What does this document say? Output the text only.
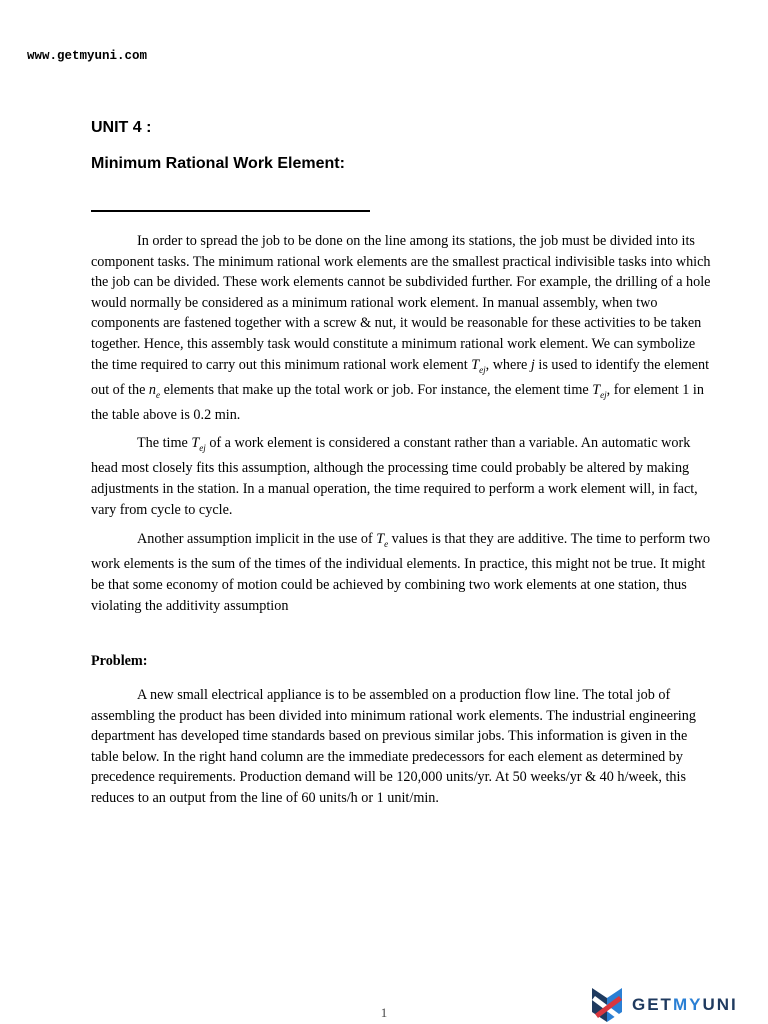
www.getmyuni.com
UNIT 4 :
Minimum Rational Work Element:

In order to spread the job to be done on the line among its stations, the job must be divided into its component tasks. The minimum rational work elements are the smallest practical indivisible tasks into which the job can be divided. These work elements cannot be subdivided further. For example, the drilling of a hole would normally be considered as a minimum rational work element. In manual assembly, when two components are fastened together with a screw & nut, it would be reasonable for these activities to be taken together. Hence, this assembly task would constitute a minimum rational work element. We can symbolize the time required to carry out this minimum rational work element $T_{ej}$, where j is used to identify the element out of the $n_e$ elements that make up the total work or job. For instance, the element time $T_{ej}$, for element 1 in the table above is 0.2 min.

The time $T_{ej}$ of a work element is considered a constant rather than a variable. An automatic work head most closely fits this assumption, although the processing time could probably be altered by making adjustments in the station. In a manual operation, the time required to perform a work element will, in fact, vary from cycle to cycle.

Another assumption implicit in the use of $T_e$ values is that they are additive. The time to perform two work elements is the sum of the times of the individual elements. In practice, this might not be true. It might be that some economy of motion could be achieved by combining two work elements at one station, thus violating the additivity assumption

Problem:

A new small electrical appliance is to be assembled on a production flow line. The total job of assembling the product has been divided into minimum rational work elements. The industrial engineering department has developed time standards based on previous similar jobs. This information is given in the table below. In the right hand column are the immediate predecessors for each element as determined by precedence requirements. Production demand will be 120,000 units/yr. At 50 weeks/yr & 40 h/week, this reduces to an output from the line of 60 units/h or 1 unit/min.

1	GETMYUNI
